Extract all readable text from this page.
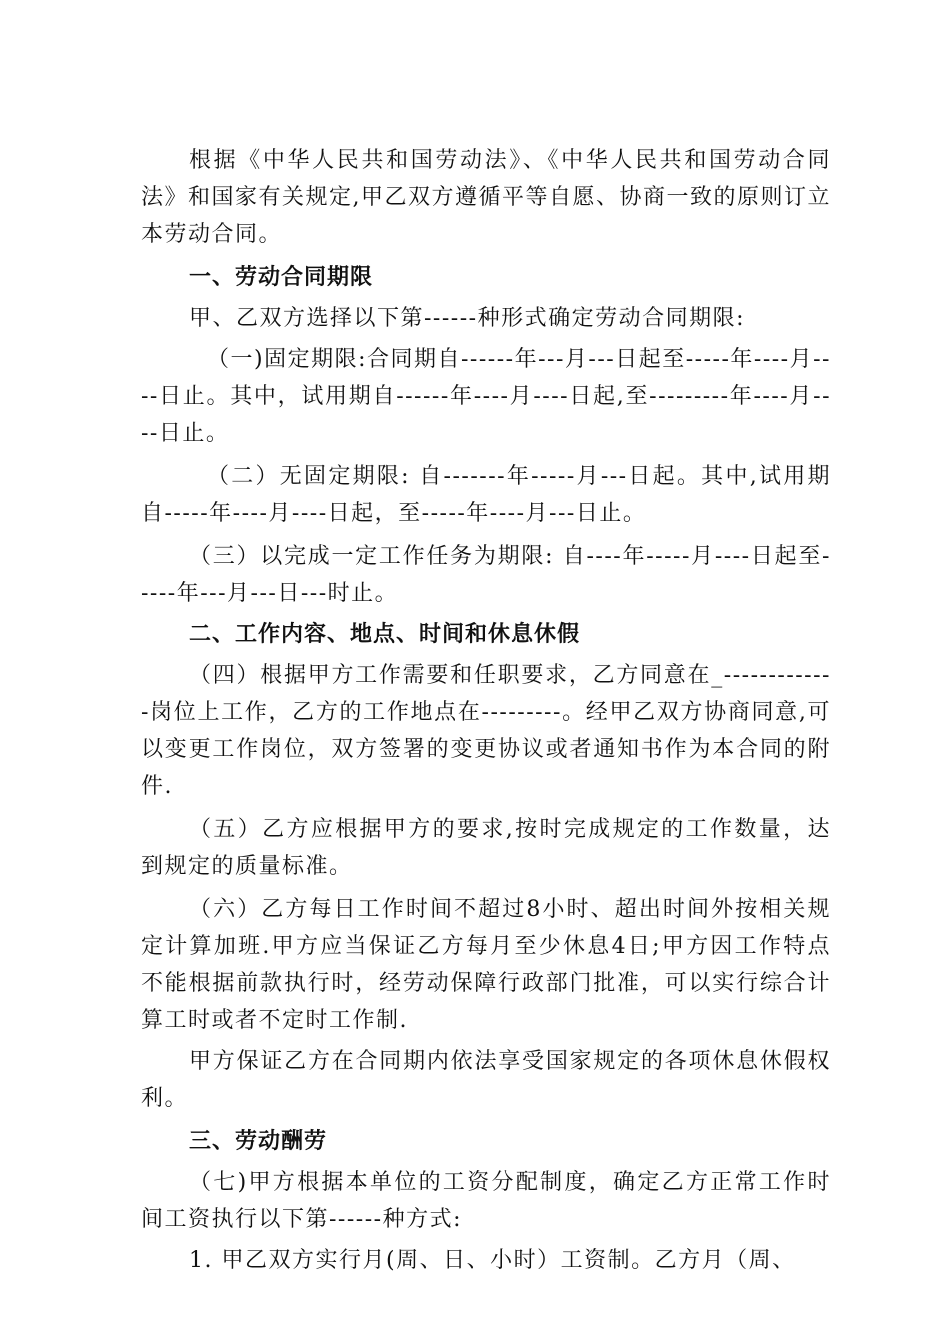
根据《中华人民共和国劳动法》、《中华人民共和国劳动合同法》和国家有关规定,甲乙双方遵循平等自愿、协商一致的原则订立本劳动合同。

一、劳动合同期限

甲、乙双方选择以下第------种形式确定劳动合同期限:

（一)固定期限:合同期自------年---月---日起至-----年----月----日止。其中，试用期自------年----月----日起,至---------年----月----日止。

（二）无固定期限: 自-------年-----月---日起。其中,试用期自-----年----月----日起，至-----年----月---日止。

（三）以完成一定工作任务为期限: 自----年-----月----日起至-----年---月---日---时止。

二、工作内容、地点、时间和休息休假

（四）根据甲方工作需要和任职要求，乙方同意在_-------------岗位上工作，乙方的工作地点在---------。经甲乙双方协商同意,可以变更工作岗位，双方签署的变更协议或者通知书作为本合同的附件.

（五）乙方应根据甲方的要求,按时完成规定的工作数量，达到规定的质量标准。

（六）乙方每日工作时间不超过8小时、超出时间外按相关规定计算加班.甲方应当保证乙方每月至少休息4日;甲方因工作特点不能根据前款执行时，经劳动保障行政部门批准，可以实行综合计算工时或者不定时工作制.

甲方保证乙方在合同期内依法享受国家规定的各项休息休假权利。

三、劳动酬劳

（七)甲方根据本单位的工资分配制度，确定乙方正常工作时间工资执行以下第------种方式:

1. 甲乙双方实行月(周、日、小时）工资制。乙方月（周、
